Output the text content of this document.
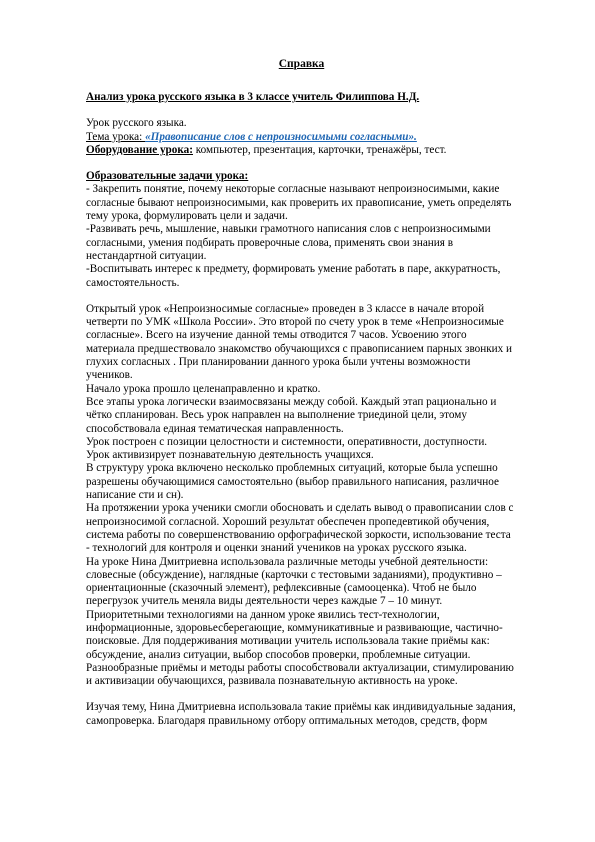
Справка

Анализ урока русского языка в 3 классе учитель Филиппова Н.Д.

Урок русского языка.

Тема урока: «Правописание слов с непроизносимыми согласными».

Оборудование урока: компьютер, презентация, карточки, тренажёры, тест.

Образовательные задачи урока:

- Закрепить понятие, почему некоторые согласные называют непроизносимыми, какие согласные бывают непроизносимыми, как проверить их правописание, уметь определять тему урока, формулировать цели и задачи.

-Развивать речь, мышление, навыки грамотного написания слов с непроизносимыми согласными, умения подбирать проверочные слова, применять свои знания в нестандартной ситуации.

-Воспитывать интерес к предмету, формировать умение работать в паре, аккуратность, самостоятельность.

Открытый урок «Непроизносимые согласные» проведен в 3 классе в начале второй четверти по УМК «Школа России». Это второй по счету урок в теме «Непроизносимые согласные». Всего на изучение данной темы отводится 7 часов. Усвоению этого материала предшествовало знакомство обучающихся с правописанием парных звонких и глухих согласных . При планировании данного урока были учтены возможности учеников.

Начало урока прошло целенаправленно и кратко.

Все этапы урока логически взаимосвязаны между собой. Каждый этап рационально и чётко спланирован. Весь урок направлен на выполнение триединой цели, этому способствовала единая тематическая направленность.

Урок построен с позиции целостности и системности, оперативности, доступности.

Урок активизирует познавательную деятельность учащихся.

В структуру урока включено несколько проблемных ситуаций, которые была успешно разрешены обучающимися самостоятельно (выбор правильного написания, различное написание сти и сн).

На протяжении урока ученики смогли обосновать и сделать вывод о правописании слов с непроизносимой согласной. Хороший результат обеспечен пропедевтикой обучения, система работы по совершенствованию орфографической зоркости, использование теста - технологий для контроля и оценки знаний учеников на уроках русского языка.

На уроке Нина Дмитриевна использовала различные методы учебной деятельности: словесные (обсуждение), наглядные (карточки с тестовыми заданиями), продуктивно – ориентационные (сказочный элемент), рефлексивные (самооценка). Чтоб не было перегрузок учитель меняла виды деятельности через каждые 7 – 10 минут.

Приоритетными технологиями на данном уроке явились тест-технологии, информационные, здоровьесберегающие, коммуникативные и развивающие, частично-поисковые. Для поддерживания мотивации учитель использовала такие приёмы как: обсуждение, анализ ситуации, выбор способов проверки, проблемные ситуации.

Разнообразные приёмы и методы работы способствовали актуализации, стимулированию и активизации обучающихся, развивала познавательную активность на уроке.

Изучая тему, Нина Дмитриевна использовала такие приёмы как индивидуальные задания, самопроверка. Благодаря правильному отбору оптимальных методов, средств, форм
